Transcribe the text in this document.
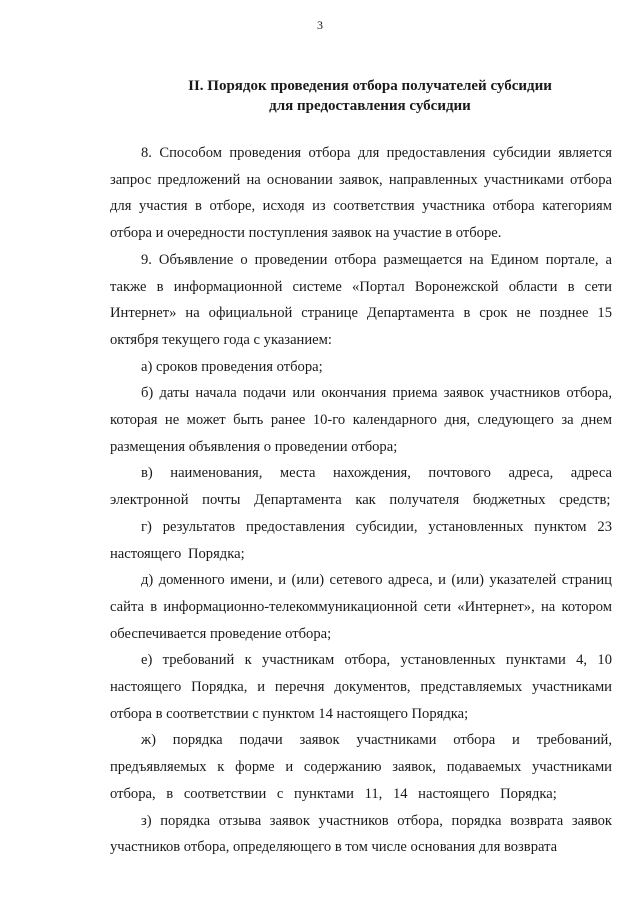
3
II. Порядок проведения отбора получателей субсидии
для предоставления субсидии

8. Способом проведения отбора для предоставления субсидии является запрос предложений на основании заявок, направленных участниками отбора для участия в отборе, исходя из соответствия участника отбора категориям отбора и очередности поступления заявок на участие в отборе.

9. Объявление о проведении отбора размещается на Едином портале, а также в информационной системе «Портал Воронежской области в сети Интернет» на официальной странице Департамента в срок не позднее 15 октября текущего года с указанием:

а) сроков проведения отбора;

б) даты начала подачи или окончания приема заявок участников отбора, которая не может быть ранее 10-го календарного дня, следующего за днем размещения объявления о проведении отбора;

в) наименования, места нахождения, почтового адреса, адреса электронной почты Департамента как получателя бюджетных средств;

г) результатов предоставления субсидии, установленных пунктом 23 настоящего Порядка;

д) доменного имени, и (или) сетевого адреса, и (или) указателей страниц сайта в информационно-телекоммуникационной сети «Интернет», на котором обеспечивается проведение отбора;

е) требований к участникам отбора, установленных пунктами 4, 10 настоящего Порядка, и перечня документов, представляемых участниками отбора в соответствии с пунктом 14 настоящего Порядка;

ж) порядка подачи заявок участниками отбора и требований, предъявляемых к форме и содержанию заявок, подаваемых участниками отбора, в соответствии с пунктами 11, 14 настоящего Порядка;

з) порядка отзыва заявок участников отбора, порядка возврата заявок участников отбора, определяющего в том числе основания для возврата
